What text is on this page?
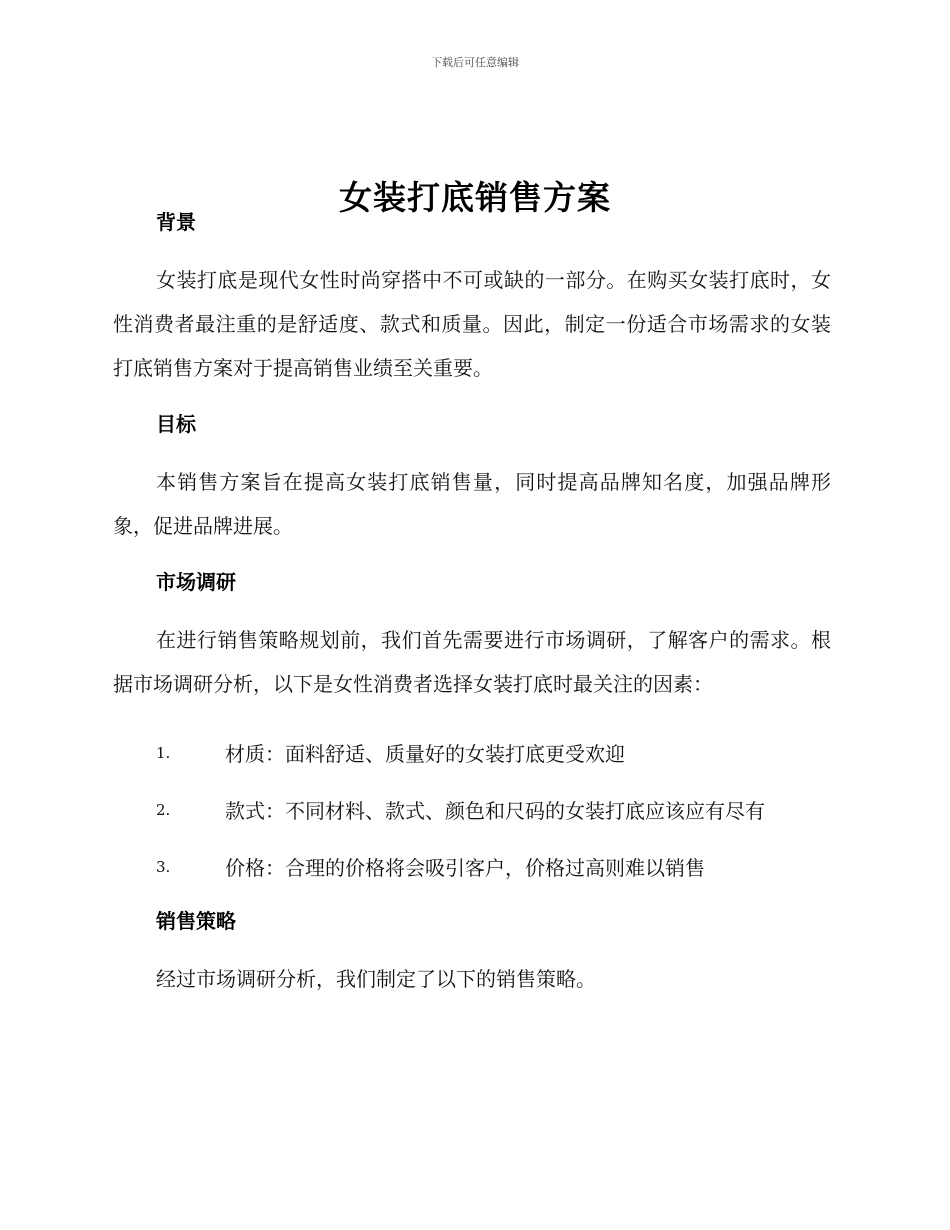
下载后可任意编辑
女装打底销售方案
背景

女装打底是现代女性时尚穿搭中不可或缺的一部分。在购买女装打底时，女性消费者最注重的是舒适度、款式和质量。因此，制定一份适合市场需求的女装打底销售方案对于提高销售业绩至关重要。

目标

本销售方案旨在提高女装打底销售量，同时提高品牌知名度，加强品牌形象，促进品牌进展。

市场调研

在进行销售策略规划前，我们首先需要进行市场调研，了解客户的需求。根据市场调研分析，以下是女性消费者选择女装打底时最关注的因素：

1.	材质：面料舒适、质量好的女装打底更受欢迎
2.	款式：不同材料、款式、颜色和尺码的女装打底应该应有尽有
3.	价格：合理的价格将会吸引客户，价格过高则难以销售
销售策略

经过市场调研分析，我们制定了以下的销售策略。
